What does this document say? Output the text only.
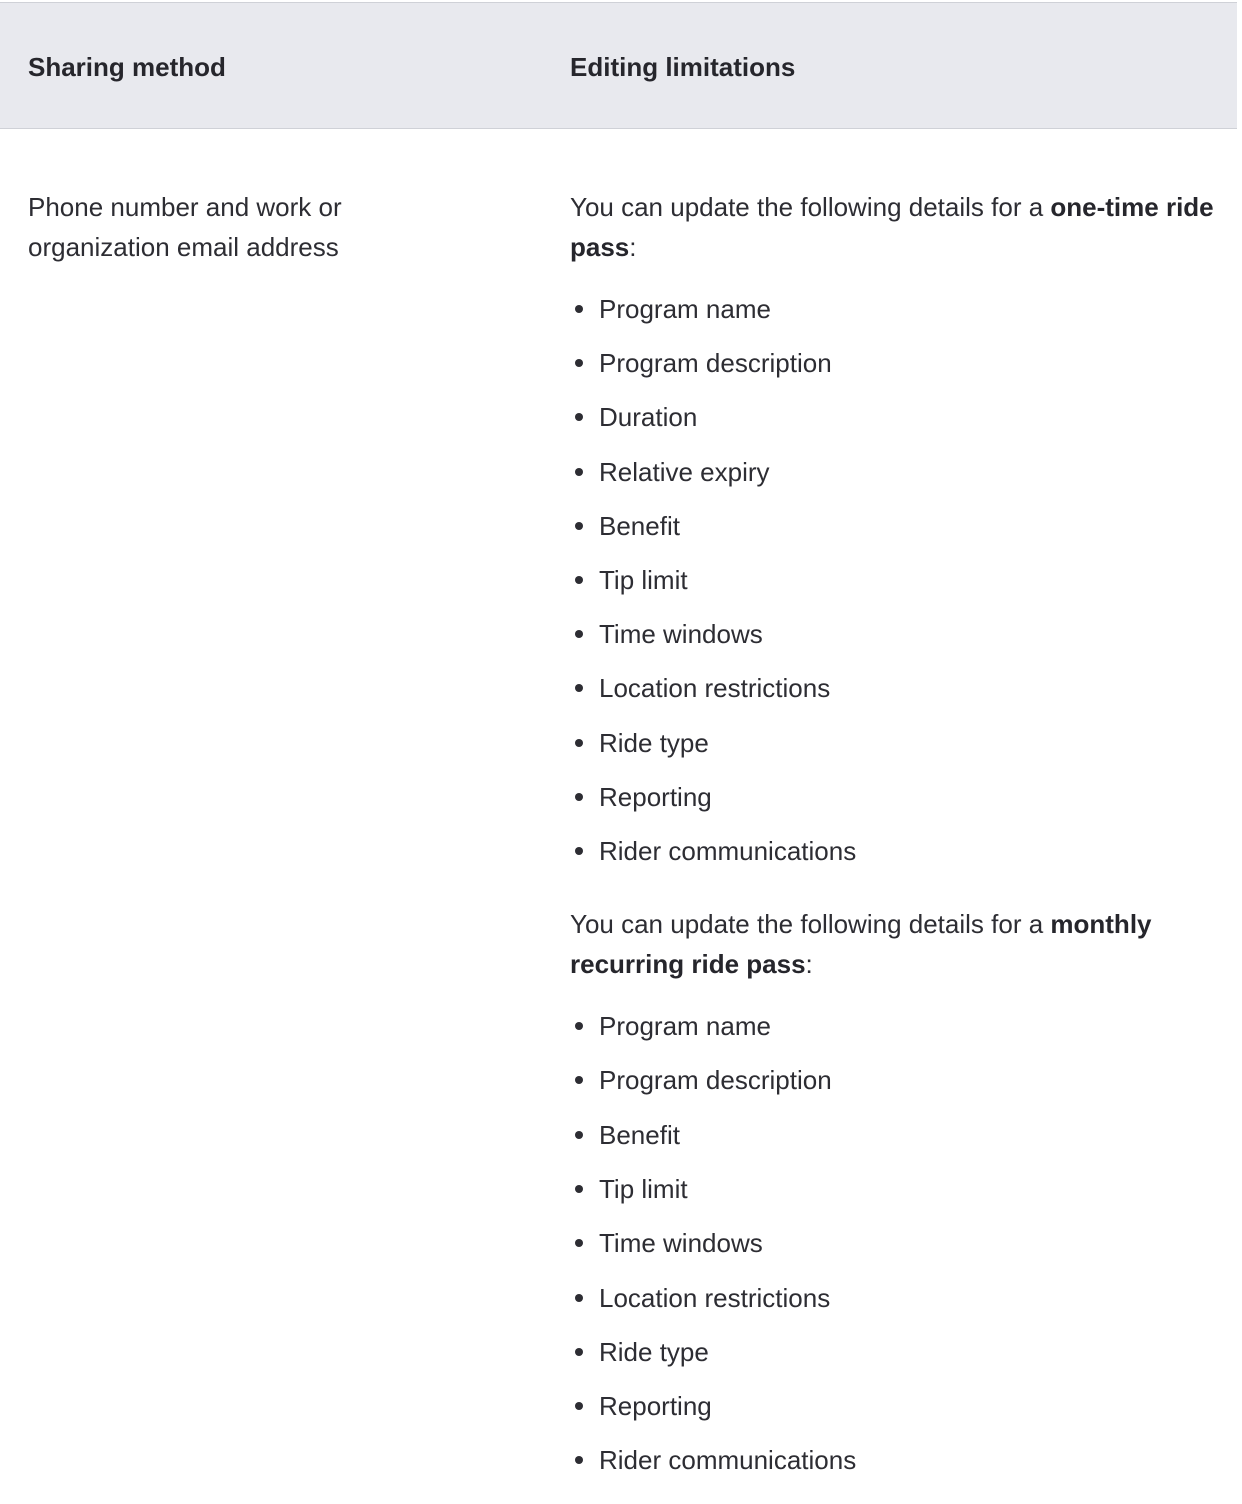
Sharing method	Editing limitations
Phone number and work or organization email address

You can update the following details for a one-time ride pass:

Program name
Program description
Duration
Relative expiry
Benefit
Tip limit
Time windows
Location restrictions
Ride type
Reporting
Rider communications

You can update the following details for a monthly recurring ride pass:

Program name
Program description
Benefit
Tip limit
Time windows
Location restrictions
Ride type
Reporting
Rider communications
